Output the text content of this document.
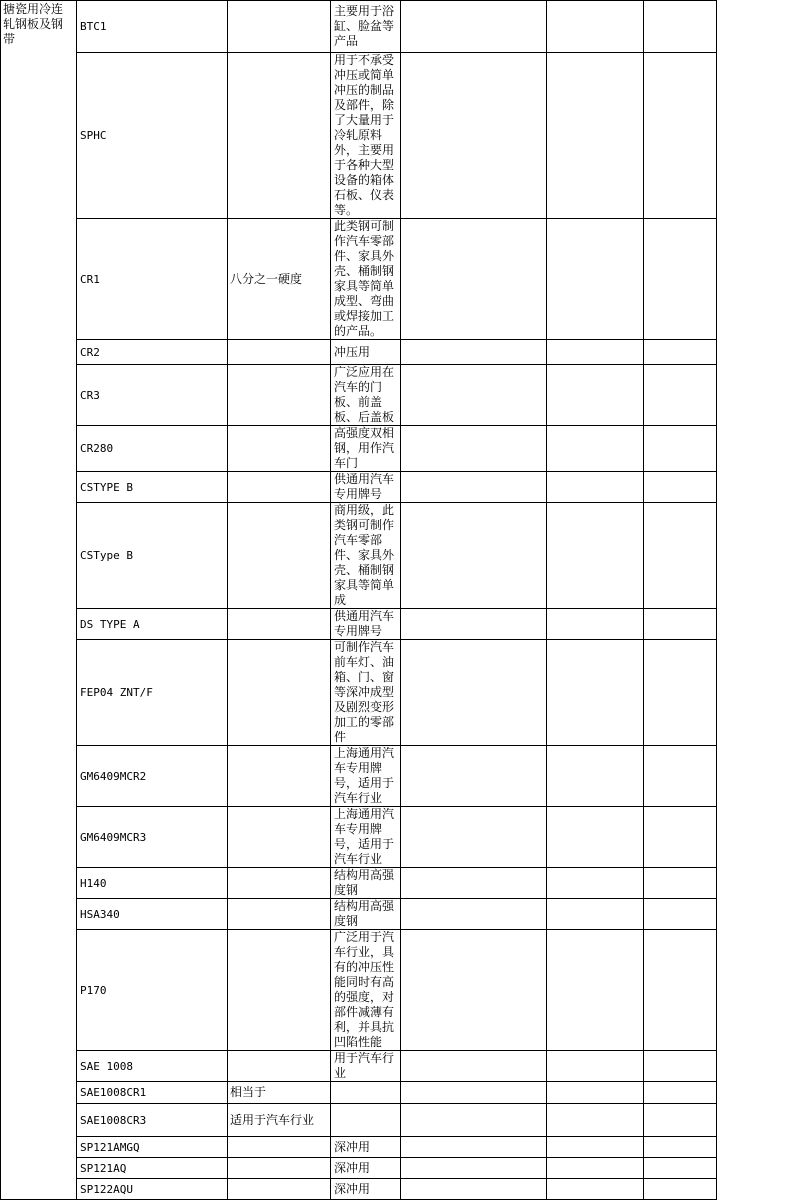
搪瓷用冷连轧钢板及钢带	BTC1		主要用于浴缸、脸盆等产品			
	SPHC		用于不承受冲压或简单冲压的制品及部件，除了大量用于冷轧原料外，主要用于各种大型设备的箱体石板、仪表等。			
	CR1	八分之一硬度	此类钢可制作汽车零部件、家具外壳、桶制钢家具等简单成型、弯曲或焊接加工的产品。			
	CR2		冲压用			
	CR3		广泛应用在汽车的门板、前盖板、后盖板			
	CR280		高强度双相钢，用作汽车门			
	CSTYPE B		供通用汽车专用牌号			
	CSType B		商用级，此类钢可制作汽车零部件、家具外壳、桶制钢家具等简单成			
	DS TYPE A		供通用汽车专用牌号			
	FEP04 ZNT/F		可制作汽车前车灯、油箱、门、窗等深冲成型及剧烈变形加工的零部件			
	GM6409MCR2		上海通用汽车专用牌号，适用于汽车行业			
	GM6409MCR3		上海通用汽车专用牌号，适用于汽车行业			
	H140		结构用高强度钢			
	HSA340		结构用高强度钢			
	P170		广泛用于汽车行业，具有的冲压性能同时有高的强度，对部件减薄有利，并具抗凹陷性能			
	SAE 1008		用于汽车行业			
	SAE1008CR1	相当于				
	SAE1008CR3	适用于汽车行业				
	SP121AMGQ		深冲用			
	SP121AQ		深冲用			
	SP122AQU		深冲用			
